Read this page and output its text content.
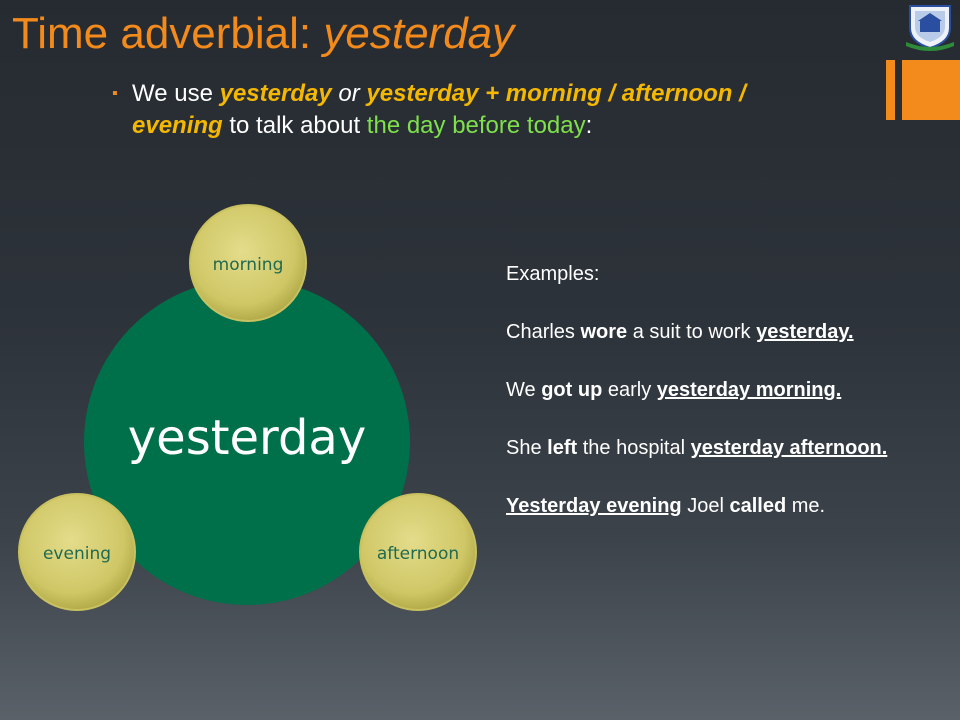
Time adverbial: yesterday
▪ We use yesterday or yesterday + morning / afternoon /
evening to talk about the day before today:
yesterday
morning
evening	afternoon

Examples:

Charles wore a suit to work yesterday.

We got up early yesterday morning.

She left the hospital yesterday afternoon.

Yesterday evening Joel called me.
